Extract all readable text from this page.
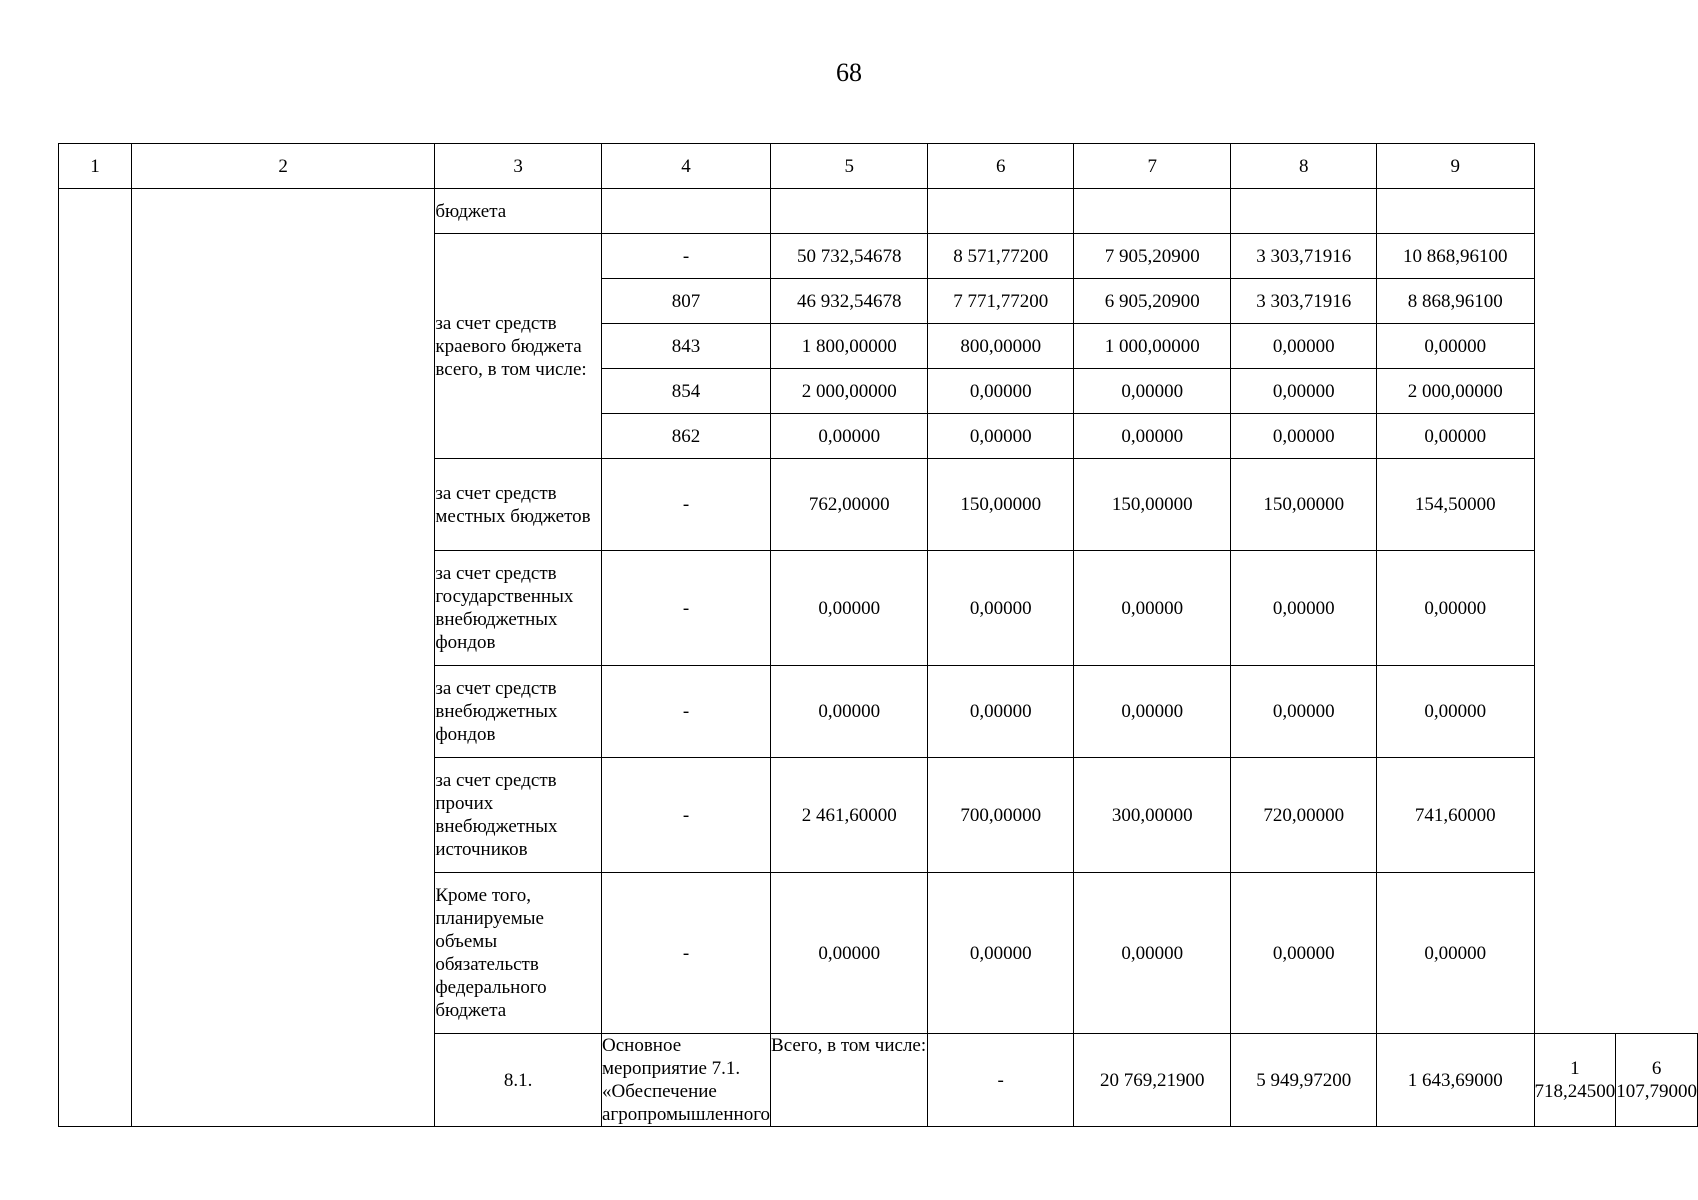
68
1	2	3	4	5	6	7	8	9		
		бюджета								
		за счет средств краевого бюджета всего, в том числе:	-	50 732,54678	8 571,77200	7 905,20900	3 303,71916	10 868,96100		
			807	46 932,54678	7 771,77200	6 905,20900	3 303,71916	8 868,96100		
			843	1 800,00000	800,00000	1 000,00000	0,00000	0,00000		
			854	2 000,00000	0,00000	0,00000	0,00000	2 000,00000		
			862	0,00000	0,00000	0,00000	0,00000	0,00000		
		за счет средств местных бюджетов	-	762,00000	150,00000	150,00000	150,00000	154,50000		
		за счет средств государственных внебюджетных фондов	-	0,00000	0,00000	0,00000	0,00000	0,00000		
		за счет средств внебюджетных фондов	-	0,00000	0,00000	0,00000	0,00000	0,00000		
		за счет средств прочих внебюджетных источников	-	2 461,60000	700,00000	300,00000	720,00000	741,60000		
		Кроме того, планируемые объемы обязательств федерального бюджета	-	0,00000	0,00000	0,00000	0,00000	0,00000		
		8.1.	Основное мероприятие 7.1. «Обеспечение агропромышленного	Всего, в том числе:	-	20 769,21900	5 949,97200	1 643,69000	1 718,24500	6 107,79000
